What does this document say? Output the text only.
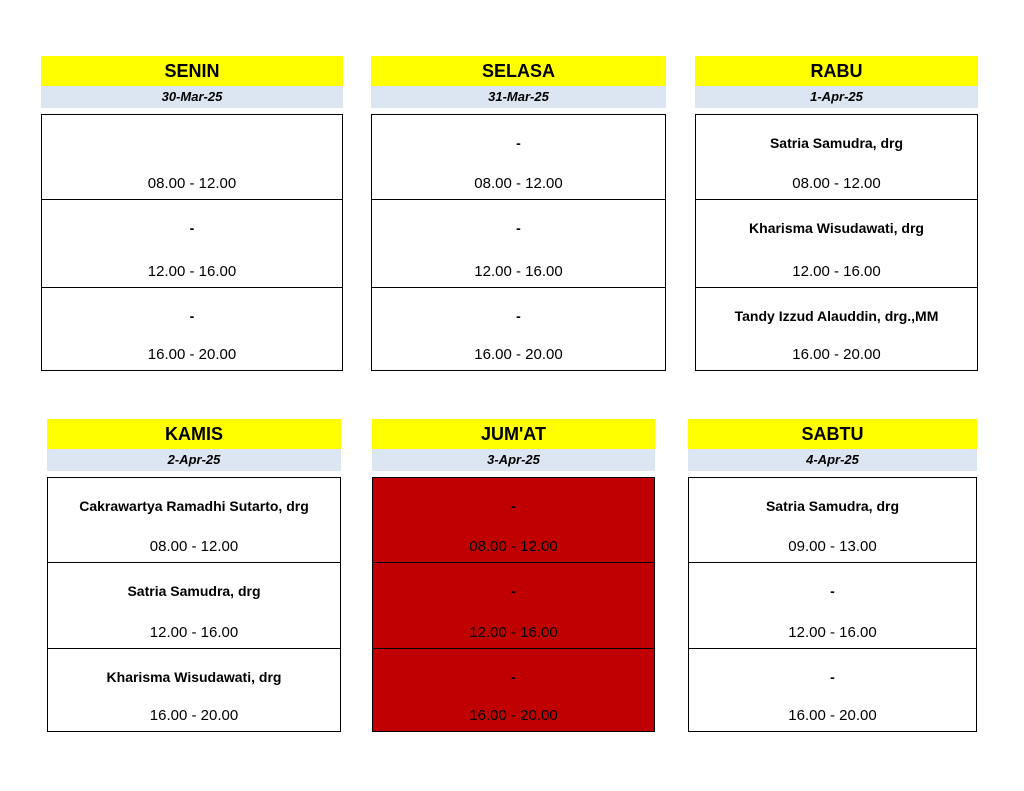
SENIN
30-Mar-25
08.00 - 12.00
-
12.00 - 16.00
-
16.00 - 20.00
SELASA
31-Mar-25
-
08.00 - 12.00
-
12.00 - 16.00
-
16.00 - 20.00
RABU
1-Apr-25
Satria Samudra, drg
08.00 - 12.00
Kharisma Wisudawati, drg
12.00 - 16.00
Tandy Izzud Alauddin, drg.,MM
16.00 - 20.00
KAMIS
2-Apr-25
Cakrawartya Ramadhi Sutarto, drg
08.00 - 12.00
Satria Samudra, drg
12.00 - 16.00
Kharisma Wisudawati, drg
16.00 - 20.00
JUM'AT
3-Apr-25
-
08.00 - 12.00
-
12.00 - 16.00
-
16.00 - 20.00
SABTU
4-Apr-25
Satria Samudra, drg
09.00 - 13.00
-
12.00 - 16.00
-
16.00 - 20.00
